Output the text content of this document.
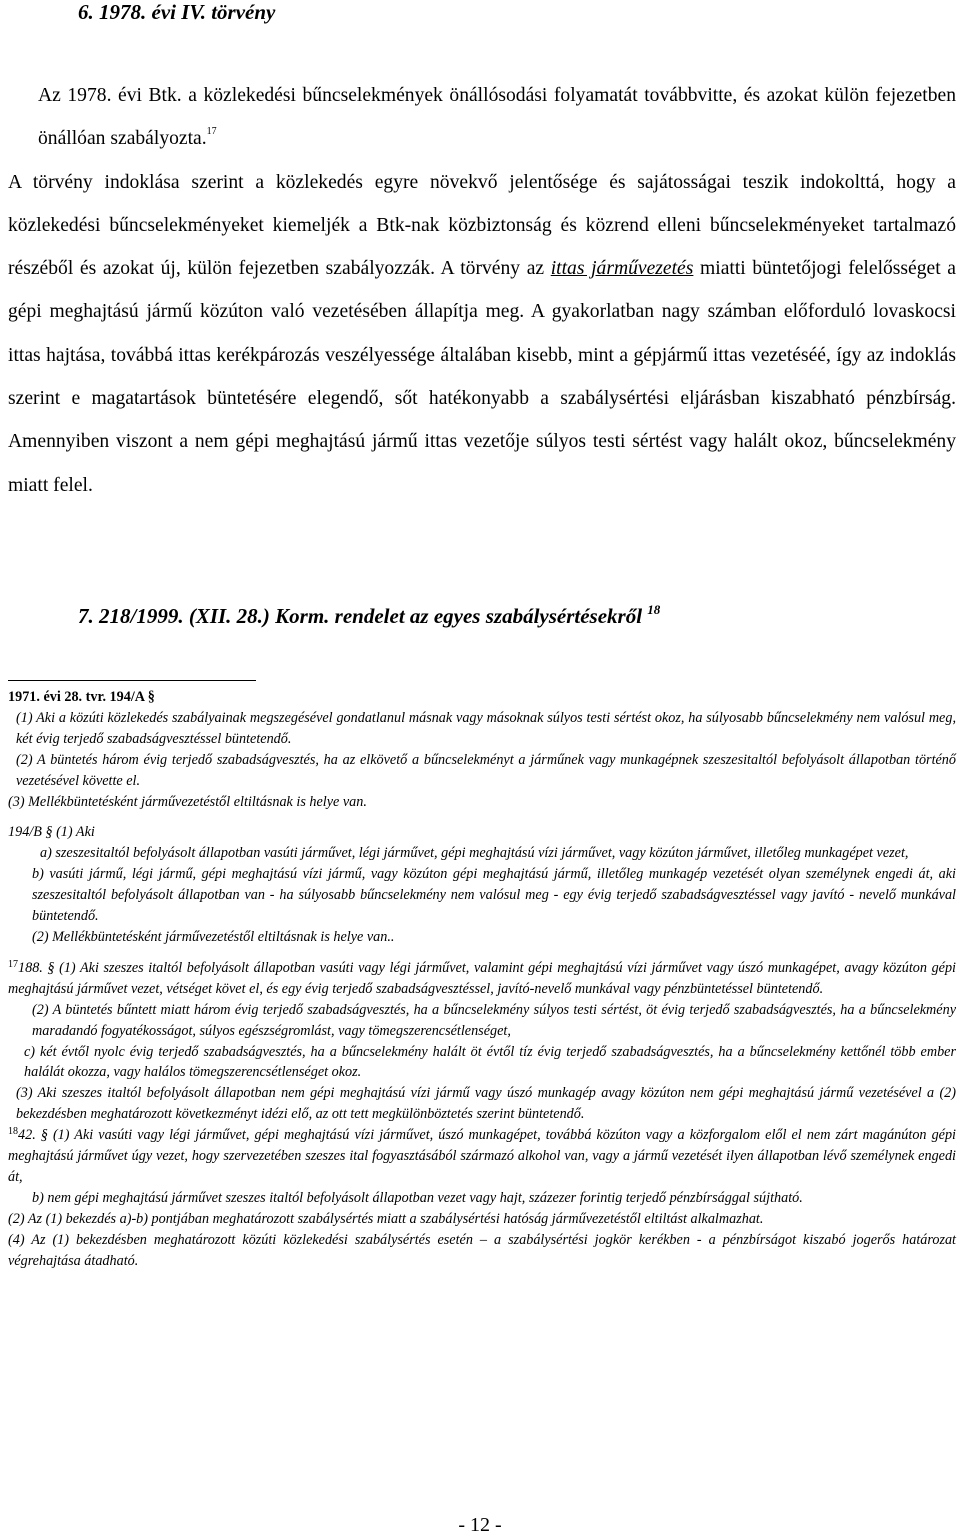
6. 1978. évi IV. törvény

Az 1978. évi Btk. a közlekedési bűncselekmények önállósodási folyamatát továbbvitte, és azokat külön fejezetben önállóan szabályozta.$^{17}$

A törvény indoklása szerint a közlekedés egyre növekvő jelentősége és sajátosságai teszik indokolttá, hogy a közlekedési bűncselekményeket kiemeljék a Btk-nak közbiztonság és közrend elleni bűncselekményeket tartalmazó részéből és azokat új, külön fejezetben szabályozzák. A törvény az ittas járművezetés miatti büntetőjogi felelősséget a gépi meghajtású jármű közúton való vezetésében állapítja meg. A gyakorlatban nagy számban előforduló lovaskocsi ittas hajtása, továbbá ittas kerékpározás veszélyessége általában kisebb, mint a gépjármű ittas vezetéséé, így az indoklás szerint e magatartások büntetésére elegendő, sőt hatékonyabb a szabálysértési eljárásban kiszabható pénzbírság. Amennyiben viszont a nem gépi meghajtású jármű ittas vezetője súlyos testi sértést vagy halált okoz, bűncselekmény miatt felel.

7. 218/1999. (XII. 28.) Korm. rendelet az egyes szabálysértésekről $^{18}$

1971. évi 28. tvr. 194/A §

(1) Aki a közúti közlekedés szabályainak megszegésével gondatlanul másnak vagy másoknak súlyos testi sértést okoz, ha súlyosabb bűncselekmény nem valósul meg, két évig terjedő szabadságvesztéssel büntetendő.

(2) A büntetés három évig terjedő szabadságvesztés, ha az elkövető a bűncselekményt a járműnek vagy munkagépnek szeszesitaltól befolyásolt állapotban történő vezetésével követte el.

(3) Mellékbüntetésként járművezetéstől eltiltásnak is helye van.

194/B § (1) Aki

a) szeszesitaltól befolyásolt állapotban vasúti járművet, légi járművet, gépi meghajtású vízi járművet, vagy közúton járművet, illetőleg munkagépet vezet,

b) vasúti jármű, légi jármű, gépi meghajtású vízi jármű, vagy közúton gépi meghajtású jármű, illetőleg munkagép vezetését olyan személynek engedi át, aki szeszesitaltól befolyásolt állapotban van - ha súlyosabb bűncselekmény nem valósul meg - egy évig terjedő szabadságvesztéssel vagy javító - nevelő munkával büntetendő.

(2) Mellékbüntetésként járművezetéstől eltiltásnak is helye van..

$^{17}$188. § (1) Aki szeszes italtól befolyásolt állapotban vasúti vagy légi járművet, valamint gépi meghajtású vízi járművet vagy úszó munkagépet, avagy közúton gépi meghajtású járművet vezet, vétséget követ el, és egy évig terjedő szabadságvesztéssel, javító-nevelő munkával vagy pénzbüntetéssel büntetendő.

(2) A büntetés bűntett miatt három évig terjedő szabadságvesztés, ha a bűncselekmény súlyos testi sértést, öt évig terjedő szabadságvesztés, ha a bűncselekmény maradandó fogyatékosságot, súlyos egészségromlást, vagy tömegszerencsétlenséget,

c) két évtől nyolc évig terjedő szabadságvesztés, ha a bűncselekmény halált öt évtől tíz évig terjedő szabadságvesztés, ha a bűncselekmény kettőnél több ember halálát okozza, vagy halálos tömegszerencsétlenséget okoz.

(3) Aki szeszes italtól befolyásolt állapotban nem gépi meghajtású vízi jármű vagy úszó munkagép avagy közúton nem gépi meghajtású jármű vezetésével a (2) bekezdésben meghatározott következményt idézi elő, az ott tett megkülönböztetés szerint büntetendő.

$^{18}$42. § (1) Aki vasúti vagy légi járművet, gépi meghajtású vízi járművet, úszó munkagépet, továbbá közúton vagy a közforgalom elől el nem zárt magánúton gépi meghajtású járművet úgy vezet, hogy szervezetében szeszes ital fogyasztásából származó alkohol van, vagy a jármű vezetését ilyen állapotban lévő személynek engedi át,

b) nem gépi meghajtású járművet szeszes italtól befolyásolt állapotban vezet vagy hajt, százezer forintig terjedő pénzbírsággal sújtható.

(2) Az (1) bekezdés a)-b) pontjában meghatározott szabálysértés miatt a szabálysértési hatóság járművezetéstől eltiltást alkalmazhat.

(4) Az (1) bekezdésben meghatározott közúti közlekedési szabálysértés esetén – a szabálysértési jogkör kerékben - a pénzbírságot kiszabó jogerős határozat végrehajtása átadható.

- 12 -
